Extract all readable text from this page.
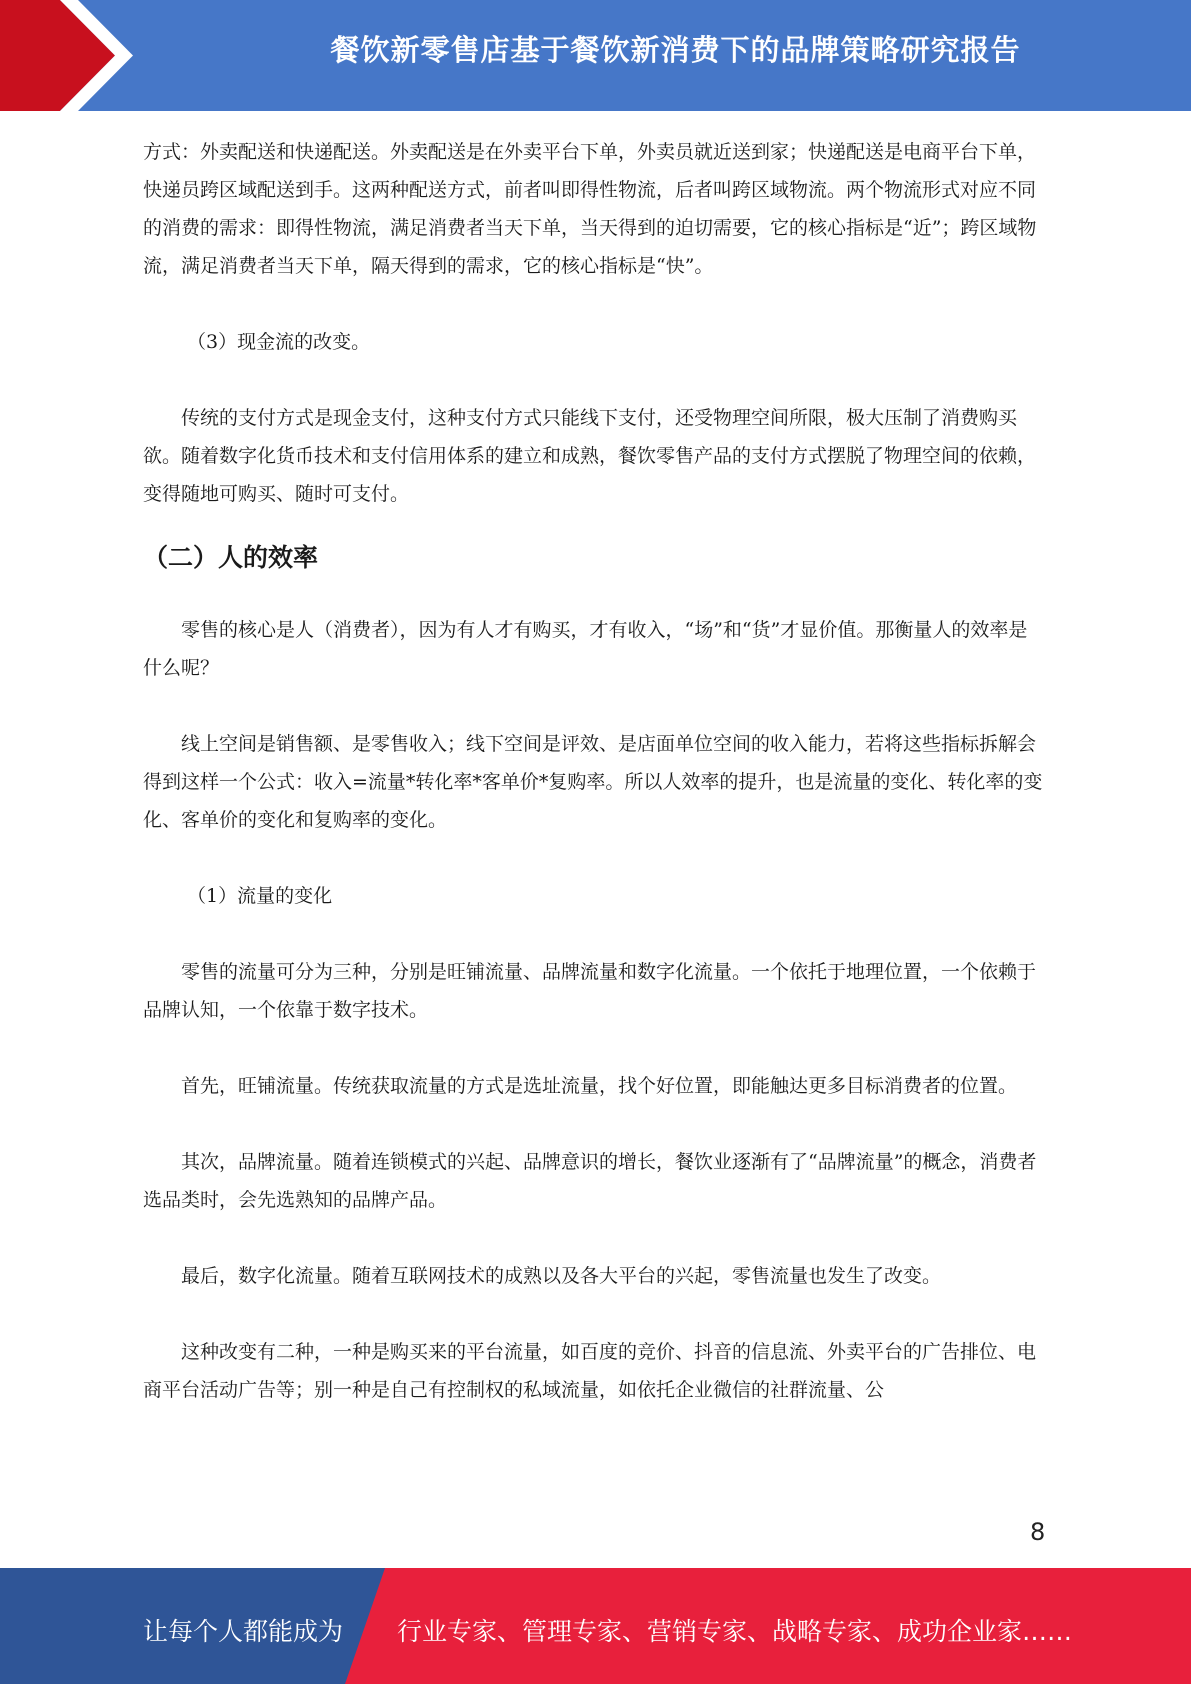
餐饮新零售店基于餐饮新消费下的品牌策略研究报告

方式：外卖配送和快递配送。外卖配送是在外卖平台下单，外卖员就近送到家；快递配送是电商平台下单，快递员跨区域配送到手。这两种配送方式，前者叫即得性物流，后者叫跨区域物流。两个物流形式对应不同的消费的需求：即得性物流，满足消费者当天下单，当天得到的迫切需要，它的核心指标是“近”；跨区域物流，满足消费者当天下单，隔天得到的需求，它的核心指标是“快”。

（3）现金流的改变。

传统的支付方式是现金支付，这种支付方式只能线下支付，还受物理空间所限，极大压制了消费购买欲。随着数字化货币技术和支付信用体系的建立和成熟，餐饮零售产品的支付方式摆脱了物理空间的依赖，变得随地可购买、随时可支付。

（二）人的效率

零售的核心是人（消费者），因为有人才有购买，才有收入，“场”和“货”才显价值。那衡量人的效率是什么呢？

线上空间是销售额、是零售收入；线下空间是评效、是店面单位空间的收入能力，若将这些指标拆解会得到这样一个公式：收入=流量*转化率*客单价*复购率。所以人效率的提升，也是流量的变化、转化率的变化、客单价的变化和复购率的变化。

（1）流量的变化

零售的流量可分为三种，分别是旺铺流量、品牌流量和数字化流量。一个依托于地理位置，一个依赖于品牌认知，一个依靠于数字技术。

首先，旺铺流量。传统获取流量的方式是选址流量，找个好位置，即能触达更多目标消费者的位置。

其次，品牌流量。随着连锁模式的兴起、品牌意识的增长，餐饮业逐渐有了“品牌流量”的概念，消费者选品类时，会先选熟知的品牌产品。

最后，数字化流量。随着互联网技术的成熟以及各大平台的兴起，零售流量也发生了改变。

这种改变有二种，一种是购买来的平台流量，如百度的竞价、抖音的信息流、外卖平台的广告排位、电商平台活动广告等；别一种是自己有控制权的私域流量，如依托企业微信的社群流量、公

8
让每个人都能成为 行业专家、管理专家、营销专家、战略专家、成功企业家……
